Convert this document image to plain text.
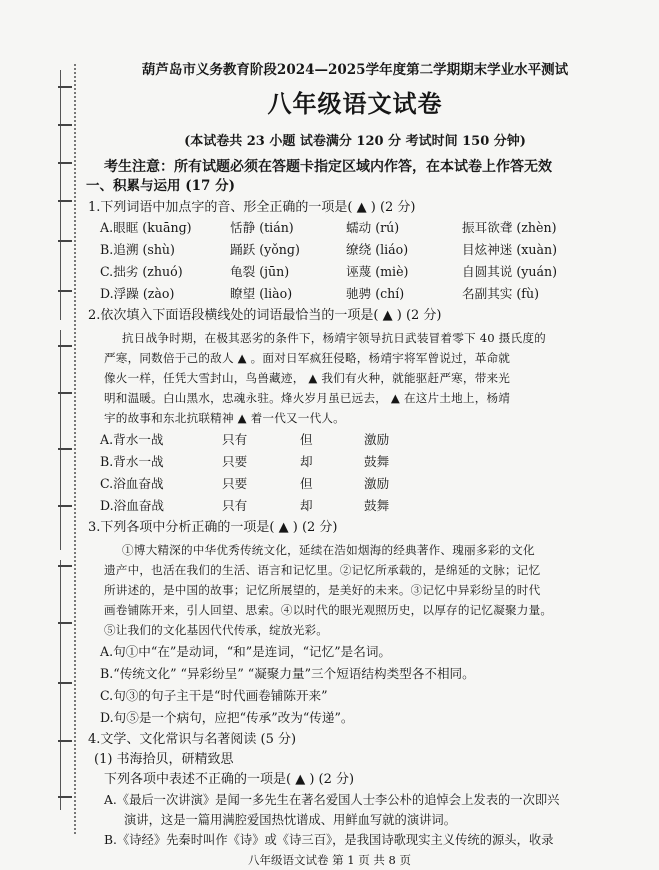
葫芦岛市义务教育阶段2024—2025学年度第二学期期末学业水平测试
八年级语文试卷
(本试卷共 23 小题 试卷满分 120 分 考试时间 150 分钟)
考生注意：所有试题必须在答题卡指定区域内作答，在本试卷上作答无效
一、积累与运用 (17 分)
1.下列词语中加点字的音、形全正确的一项是( ▲ ) (2 分)
A.眼眶 (kuānɡ)	恬静 (tián)	蠕动 (rú)	振耳欲聋 (zhèn)
B.追溯 (shù)	踊跃 (yǒnɡ)	缭绕 (liáo)	目炫神迷 (xuàn)
C.拙劣 (zhuó)	龟裂 (jūn)	诬蔑 (miè)	自圆其说 (yuán)
D.浮躁 (zào)	瞭望 (liào)	驰骋 (chí)	名副其实 (fù)
2.依次填入下面语段横线处的词语最恰当的一项是( ▲ ) (2 分)
抗日战争时期，在极其恶劣的条件下，杨靖宇领导抗日武装冒着零下 40 摄氏度的
严寒，同数倍于己的敌人 ▲ 。面对日军疯狂侵略，杨靖宇将军曾说过，革命就
像火一样，任凭大雪封山，鸟兽藏迹， ▲ 我们有火种，就能驱赶严寒，带来光
明和温暖。白山黑水，忠魂永驻。烽火岁月虽已远去， ▲ 在这片土地上，杨靖
宇的故事和东北抗联精神 ▲ 着一代又一代人。
A.背水一战	只有	但	激励
B.背水一战	只要	却	鼓舞
C.浴血奋战	只要	但	激励
D.浴血奋战	只有	却	鼓舞
3.下列各项中分析正确的一项是( ▲ ) (2 分)
①博大精深的中华优秀传统文化，延续在浩如烟海的经典著作、瑰丽多彩的文化
遗产中，也活在我们的生活、语言和记忆里。②记忆所承载的，是绵延的文脉；记忆
所讲述的，是中国的故事；记忆所展望的，是美好的未来。③记忆中异彩纷呈的时代
画卷铺陈开来，引人回望、思索。④以时代的眼光观照历史，以厚存的记忆凝聚力量。
⑤让我们的文化基因代代传承，绽放光彩。
A.句①中“在”是动词，“和”是连词，“记忆”是名词。
B.“传统文化” “异彩纷呈” “凝聚力量”三个短语结构类型各不相同。
C.句③的句子主干是“时代画卷铺陈开来”
D.句⑤是一个病句，应把“传承”改为“传递”。
4.文学、文化常识与名著阅读 (5 分)
(1) 书海拾贝，研精致思
下列各项中表述不正确的一项是( ▲ ) (2 分)
A.《最后一次讲演》是闻一多先生在著名爱国人士李公朴的追悼会上发表的一次即兴
演讲，这是一篇用满腔爱国热忱谱成、用鲜血写就的演讲词。
B.《诗经》先秦时叫作《诗》或《诗三百》，是我国诗歌现实主义传统的源头，收录
八年级语文试卷 第 1 页 共 8 页
